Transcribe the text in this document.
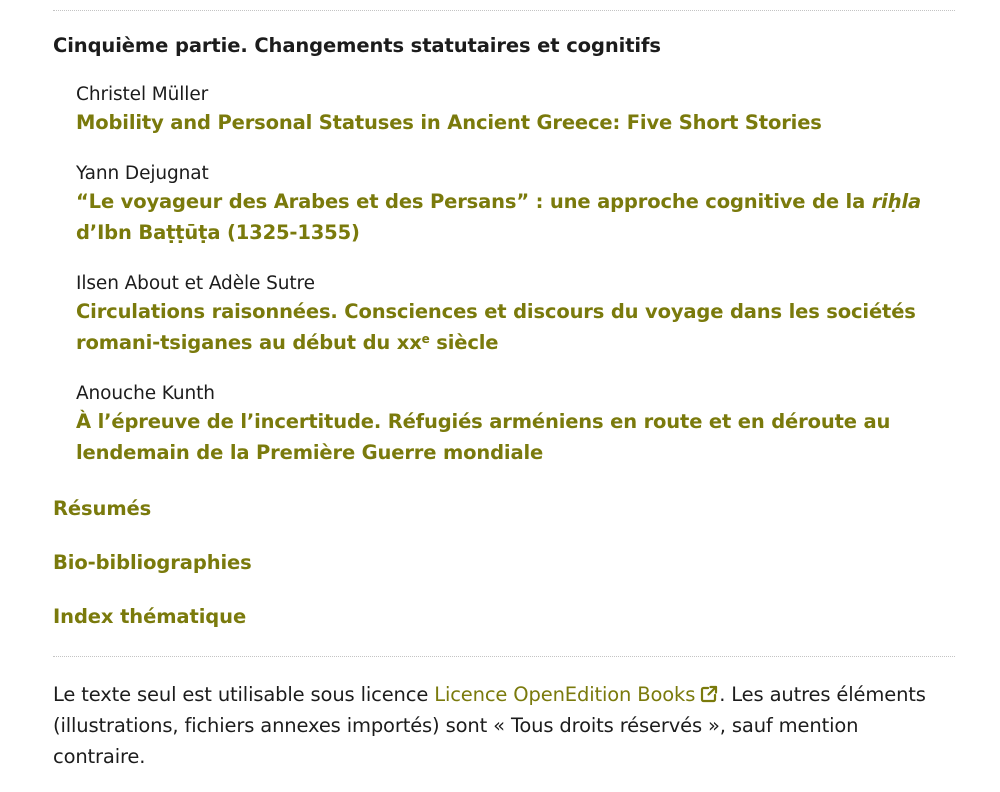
Cinquième partie. Changements statutaires et cognitifs
Christel Müller
Mobility and Personal Statuses in Ancient Greece: Five Short Stories
Yann Dejugnat
“Le voyageur des Arabes et des Persans” : une approche cognitive de la riḥla d’Ibn Baṭṭūṭa (1325-1355)
Ilsen About et Adèle Sutre
Circulations raisonnées. Consciences et discours du voyage dans les sociétés romani-tsiganes au début du xx$^e$ siècle
Anouche Kunth
À l’épreuve de l’incertitude. Réfugiés arméniens en route et en déroute au lendemain de la Première Guerre mondiale
Résumés
Bio-bibliographies
Index thématique

Le texte seul est utilisable sous licence Licence OpenEdition Books . Les autres éléments (illustrations, fichiers annexes importés) sont « Tous droits réservés », sauf mention contraire.
